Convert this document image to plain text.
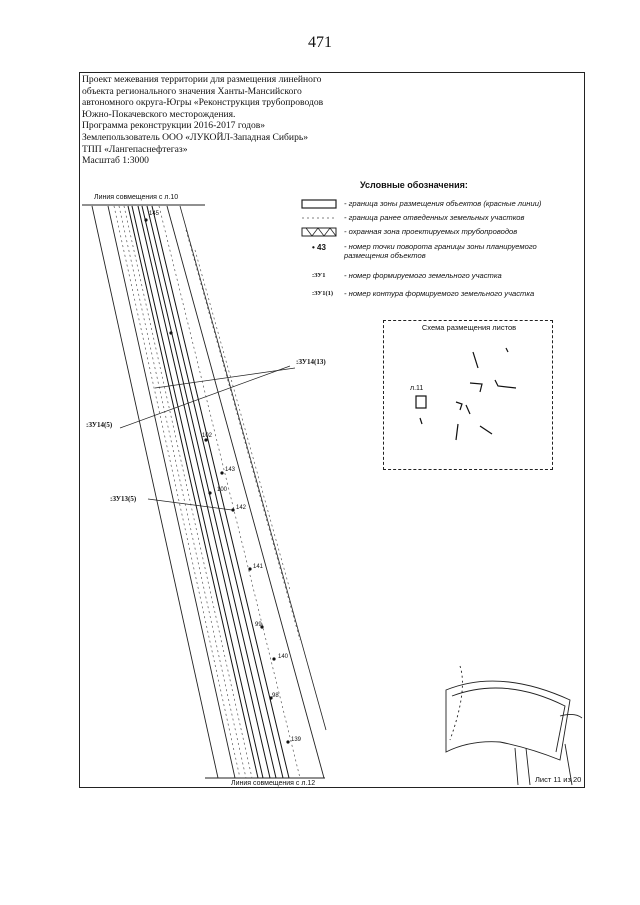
471
Проект межевания территории для размещения линейного
объекта регионального значения Ханты-Мансийского
автономного округа-Югры «Реконструкция трубопроводов
Южно-Покачевского месторождения.
Программа реконструкции 2016-2017 годов»
Землепользователь ООО «ЛУКОЙЛ-Западная Сибирь»
ТПП «Лангепаснефтегаз»
Масштаб 1:3000
Условные обозначения:
- граница зоны размещения объектов (красные линии)
- граница ранее отведенных земельных участков
- охранная зона проектируемых трубопроводов
• 43 - номер точки поворота границы зоны планируемого размещения объектов
:ЗУ1 - номер формируемого земельного участка
:ЗУ1(1) - номер контура формируемого земельного участка
Линия совмещения с л.10
Линия совмещения с л.12
:ЗУ14(13)
:ЗУ14(5)
:ЗУ13(5)
145
102
100
143
142
141
99
140
98
139
Схема размещения листов
л.11
Лист 11 из 20
